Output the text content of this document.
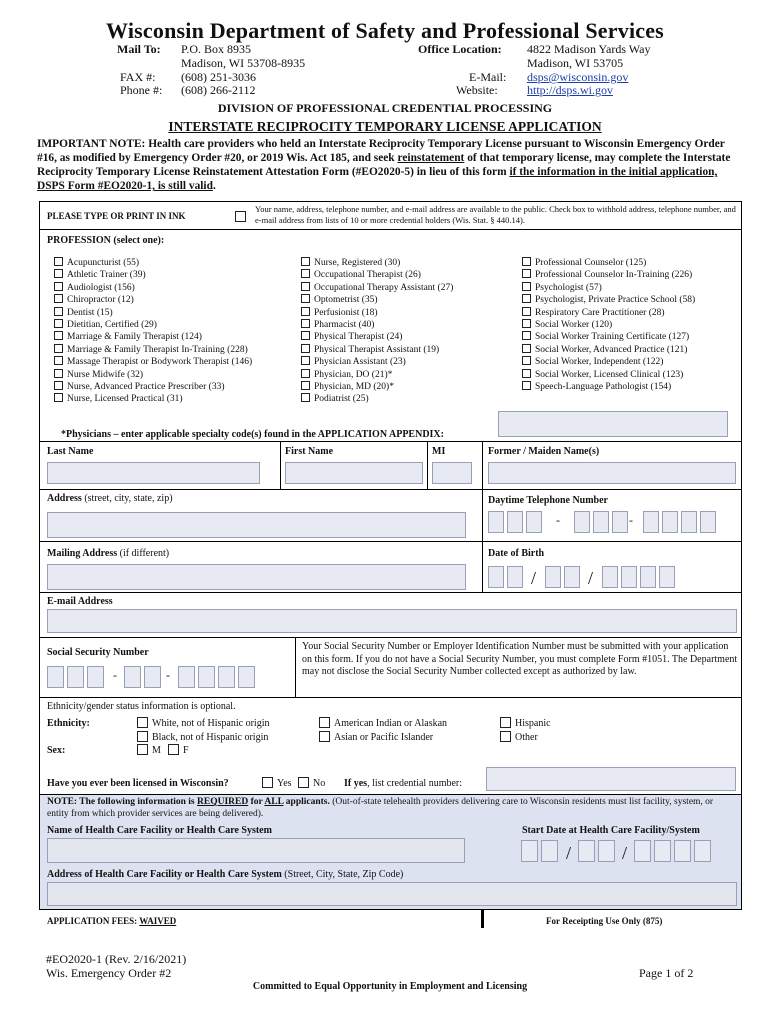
Wisconsin Department of Safety and Professional Services
Mail To: P.O. Box 8935
Madison, WI 53708-8935
FAX #: (608) 251-3036
Phone #: (608) 266-2112
Office Location: 4822 Madison Yards Way
Madison, WI 53705
E-Mail: dsps@wisconsin.gov
Website: http://dsps.wi.gov
DIVISION OF PROFESSIONAL CREDENTIAL PROCESSING
INTERSTATE RECIPROCITY TEMPORARY LICENSE APPLICATION
IMPORTANT NOTE: Health care providers who held an Interstate Reciprocity Temporary License pursuant to Wisconsin Emergency Order #16, as modified by Emergency Order #20, or 2019 Wis. Act 185, and seek reinstatement of that temporary license, may complete the Interstate Reciprocity Temporary License Reinstatement Attestation Form (#EO2020-5) in lieu of this form if the information in the initial application, DSPS Form #EO2020-1, is still valid.
PLEASE TYPE OR PRINT IN INK
Your name, address, telephone number, and e-mail address are available to the public. Check box to withhold address, telephone number, and e-mail address from lists of 10 or more credential holders (Wis. Stat. § 440.14).
PROFESSION (select one):
Acupuncturist (55)
Athletic Trainer (39)
Audiologist (156)
Chiropractor (12)
Dentist (15)
Dietitian, Certified (29)
Marriage & Family Therapist (124)
Marriage & Family Therapist In-Training (228)
Massage Therapist or Bodywork Therapist (146)
Nurse Midwife (32)
Nurse, Advanced Practice Prescriber (33)
Nurse, Licensed Practical (31)
Nurse, Registered (30)
Occupational Therapist (26)
Occupational Therapy Assistant (27)
Optometrist (35)
Perfusionist (18)
Pharmacist (40)
Physical Therapist (24)
Physical Therapist Assistant (19)
Physician Assistant (23)
Physician, DO (21)*
Physician, MD (20)*
Podiatrist (25)
Professional Counselor (125)
Professional Counselor In-Training (226)
Psychologist (57)
Psychologist, Private Practice School (58)
Respiratory Care Practitioner (28)
Social Worker (120)
Social Worker Training Certificate (127)
Social Worker, Advanced Practice (121)
Social Worker, Independent (122)
Social Worker, Licensed Clinical (123)
Speech-Language Pathologist (154)
*Physicians – enter applicable specialty code(s) found in the APPLICATION APPENDIX:
Last Name	First Name	MI	Former / Maiden Name(s)
Address (street, city, state, zip)	Daytime Telephone Number
-	-
Mailing Address (if different)	Date of Birth
/	/
E-mail Address
Social Security Number
-	-
Your Social Security Number or Employer Identification Number must be submitted with your application on this form. If you do not have a Social Security Number, you must complete Form #1051. The Department may not disclose the Social Security Number collected except as authorized by law.
Ethnicity/gender status information is optional.
Ethnicity:	White, not of Hispanic origin
Black, not of Hispanic origin
American Indian or Alaskan
Asian or Pacific Islander
Hispanic
Other
Sex:	M	F
Have you ever been licensed in Wisconsin?	Yes	No If yes, list credential number:
NOTE: The following information is REQUIRED for ALL applicants. (Out-of-state telehealth providers delivering care to Wisconsin residents must list facility, system, or entity from which provider services are being delivered).
Name of Health Care Facility or Health Care System	Start Date at Health Care Facility/System
/	/
Address of Health Care Facility or Health Care System (Street, City, State, Zip Code)
APPLICATION FEES: WAIVED	For Receipting Use Only (875)
#EO2020-1 (Rev. 2/16/2021)
Wis. Emergency Order #2	Page 1 of 2
Committed to Equal Opportunity in Employment and Licensing
